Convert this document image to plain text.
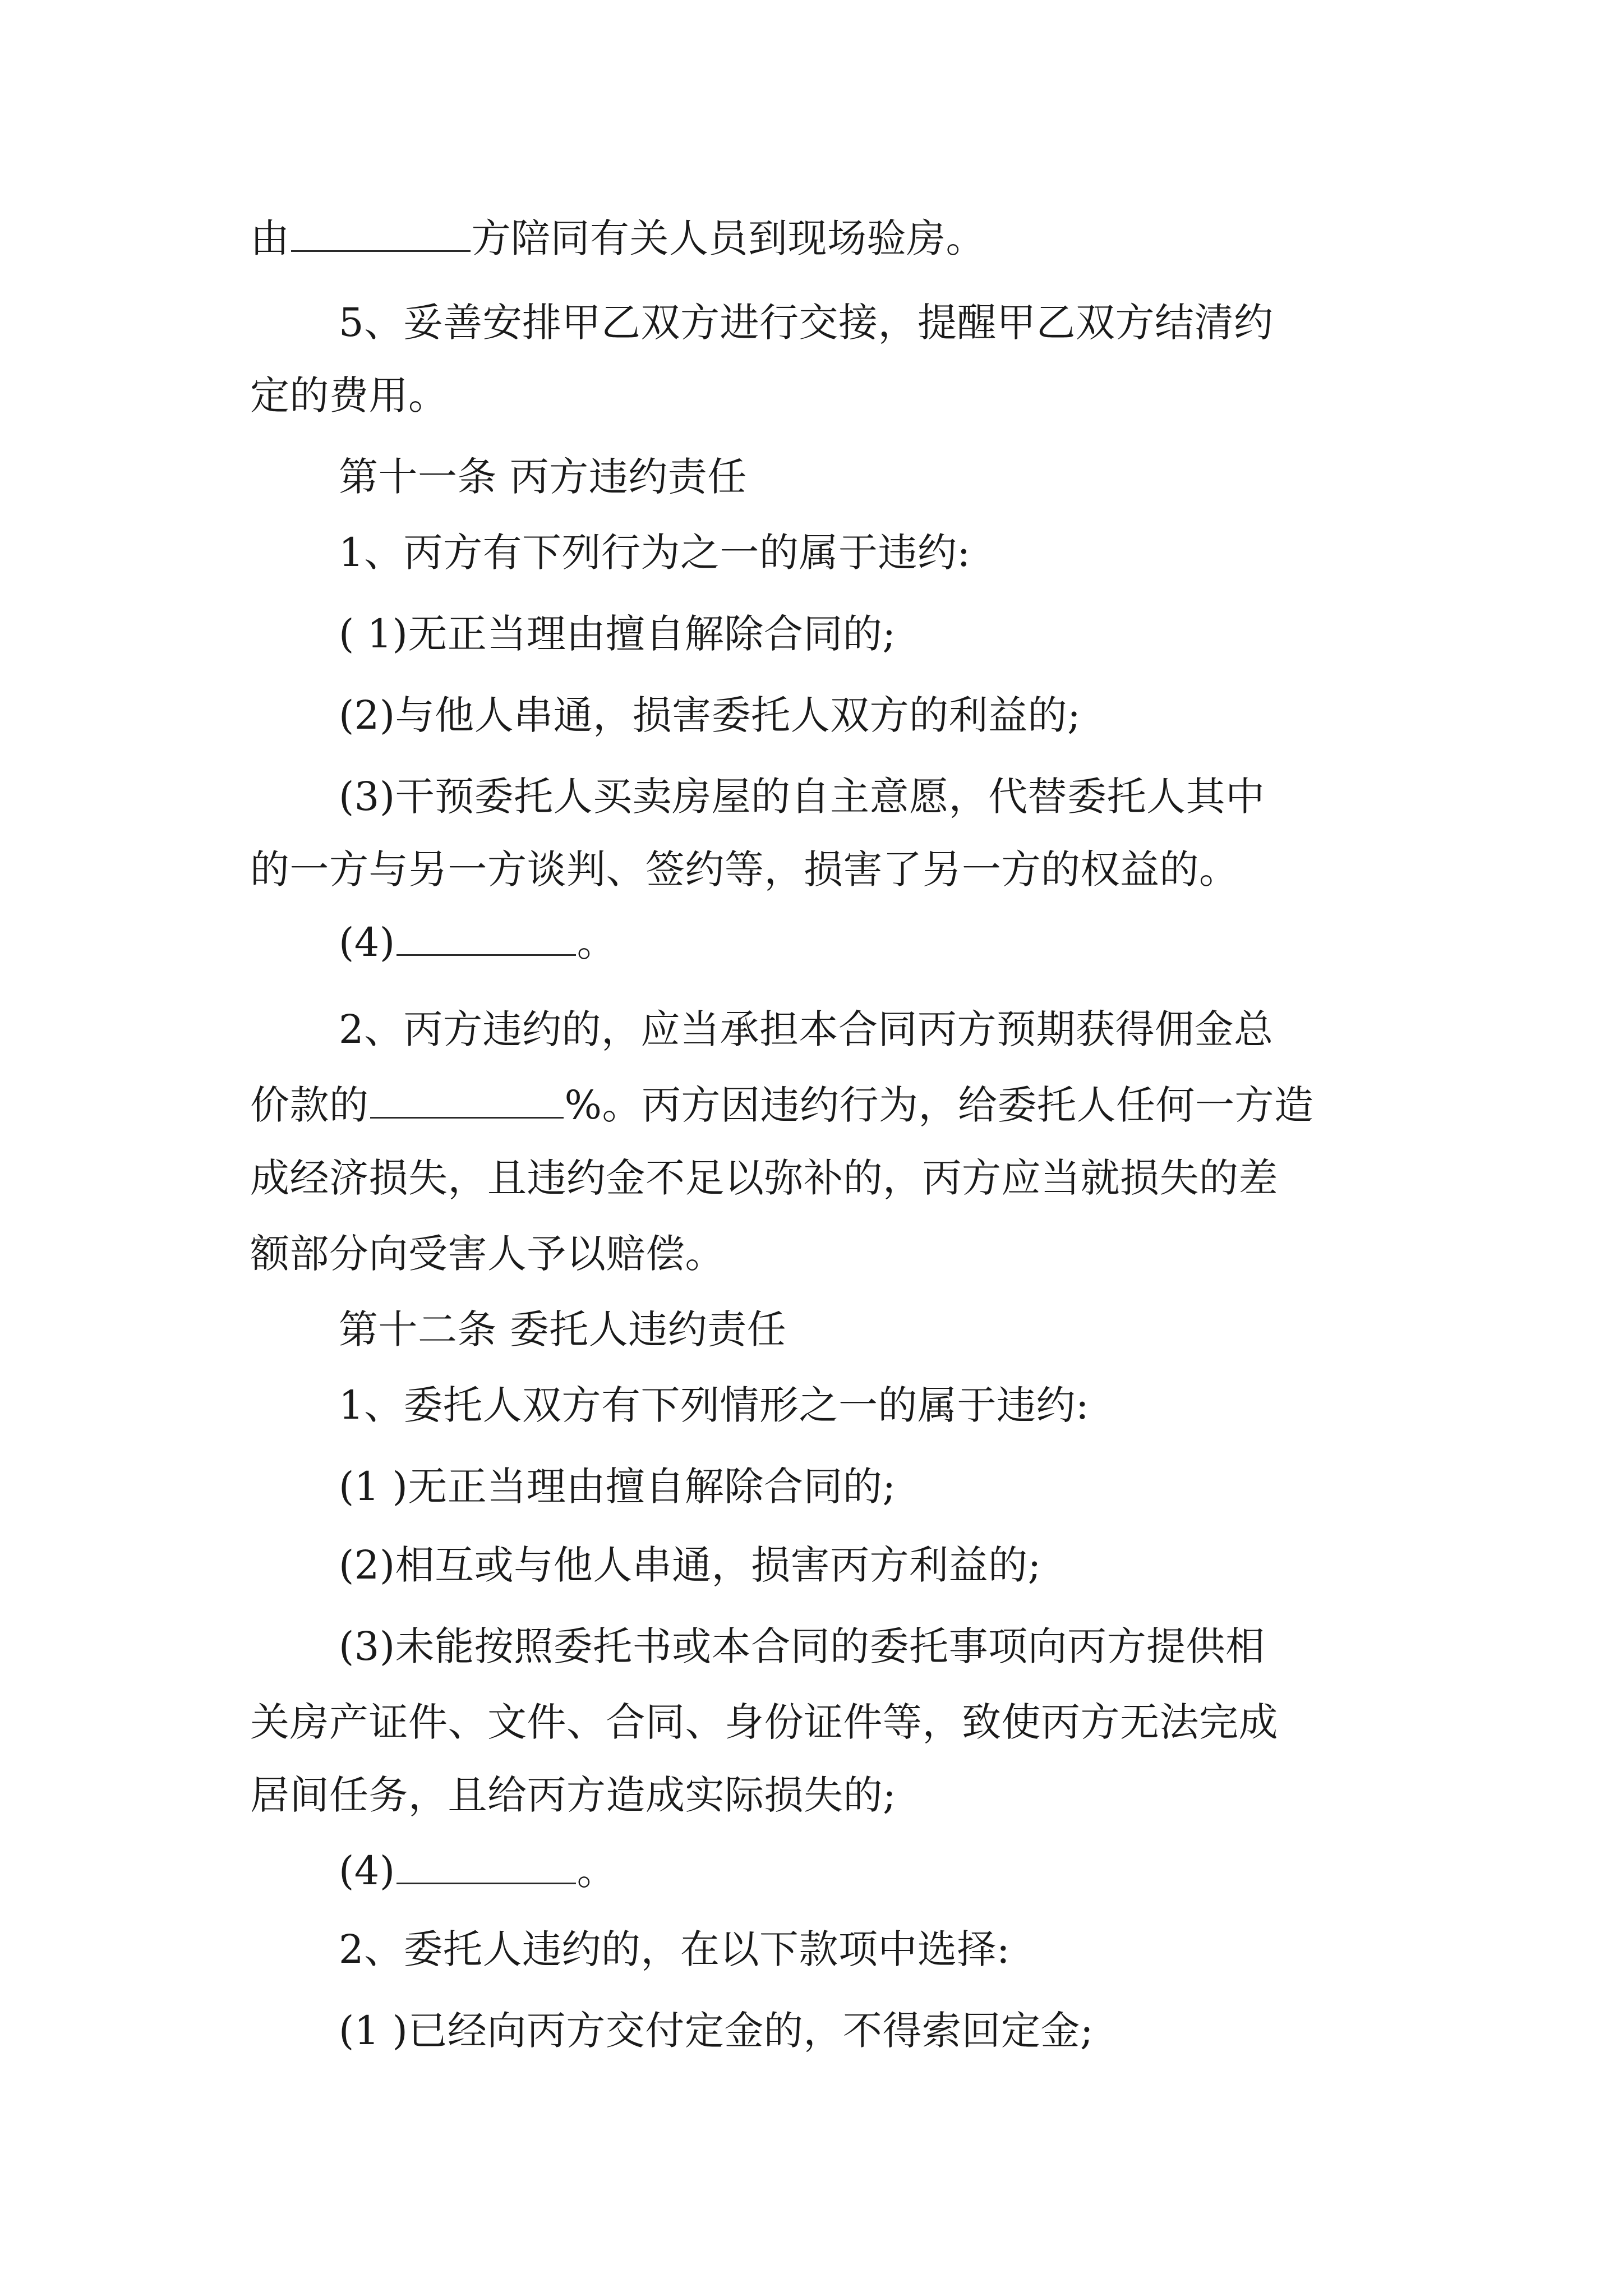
由	方陪同有关人员到现场验房。
5、妥善安排甲乙双方进行交接，提醒甲乙双方结清约
定的费用。
第十一条 丙方违约责任
1、丙方有下列行为之一的属于违约:
( 1)无正当理由擅自解除合同的;
(2)与他人串通，损害委托人双方的利益的;
(3)干预委托人买卖房屋的自主意愿，代替委托人其中
的一方与另一方谈判、签约等，损害了另一方的权益的。
(4)	。
2、丙方违约的，应当承担本合同丙方预期获得佣金总
价款的	%。丙方因违约行为，给委托人任何一方造
成经济损失，且违约金不足以弥补的，丙方应当就损失的差
额部分向受害人予以赔偿。
第十二条 委托人违约责任
1、委托人双方有下列情形之一的属于违约:
(1 )无正当理由擅自解除合同的;
(2)相互或与他人串通，损害丙方利益的;
(3)未能按照委托书或本合同的委托事项向丙方提供相
关房产证件、文件、合同、身份证件等，致使丙方无法完成
居间任务，且给丙方造成实际损失的;
(4)	。
2、委托人违约的，在以下款项中选择:
(1 )已经向丙方交付定金的，不得索回定金;
